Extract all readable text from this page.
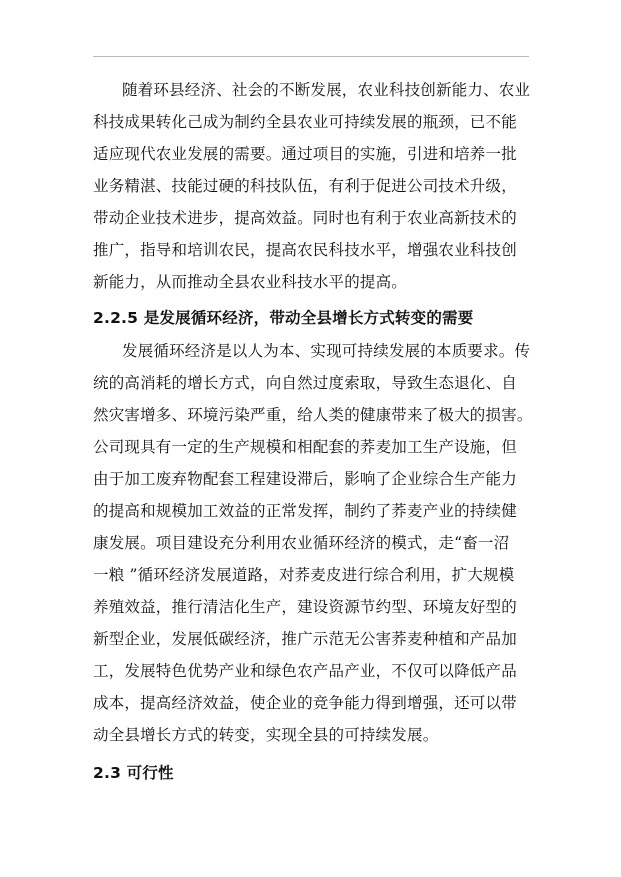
随着环县经济、社会的不断发展，农业科技创新能力、农业
科技成果转化己成为制约全县农业可持续发展的瓶颈，已不能
适应现代农业发展的需要。通过项目的实施，引进和培养一批
业务精湛、技能过硬的科技队伍，有利于促进公司技术升级，
带动企业技术进步，提高效益。同时也有利于农业高新技术的
推广，指导和培训农民，提高农民科技水平，增强农业科技创
新能力，从而推动全县农业科技水平的提高。
2.2.5 是发展循环经济，带动全县增长方式转变的需要
发展循环经济是以人为本、实现可持续发展的本质要求。传
统的高消耗的增长方式，向自然过度索取，导致生态退化、自
然灾害增多、环境污染严重，给人类的健康带来了极大的损害。
公司现具有一定的生产规模和相配套的荞麦加工生产设施，但
由于加工废弃物配套工程建设滞后，影响了企业综合生产能力
的提高和规模加工效益的正常发挥，制约了荞麦产业的持续健
康发展。项目建设充分利用农业循环经济的模式，走“畜一沼
一粮 ”循环经济发展道路，对荞麦皮进行综合利用，扩大规模
养殖效益，推行清洁化生产，建设资源节约型、环境友好型的
新型企业，发展低碳经济，推广示范无公害荞麦种植和产品加
工，发展特色优势产业和绿色农产品产业，不仅可以降低产品
成本，提高经济效益，使企业的竞争能力得到增强，还可以带
动全县增长方式的转变，实现全县的可持续发展。
2.3 可行性
